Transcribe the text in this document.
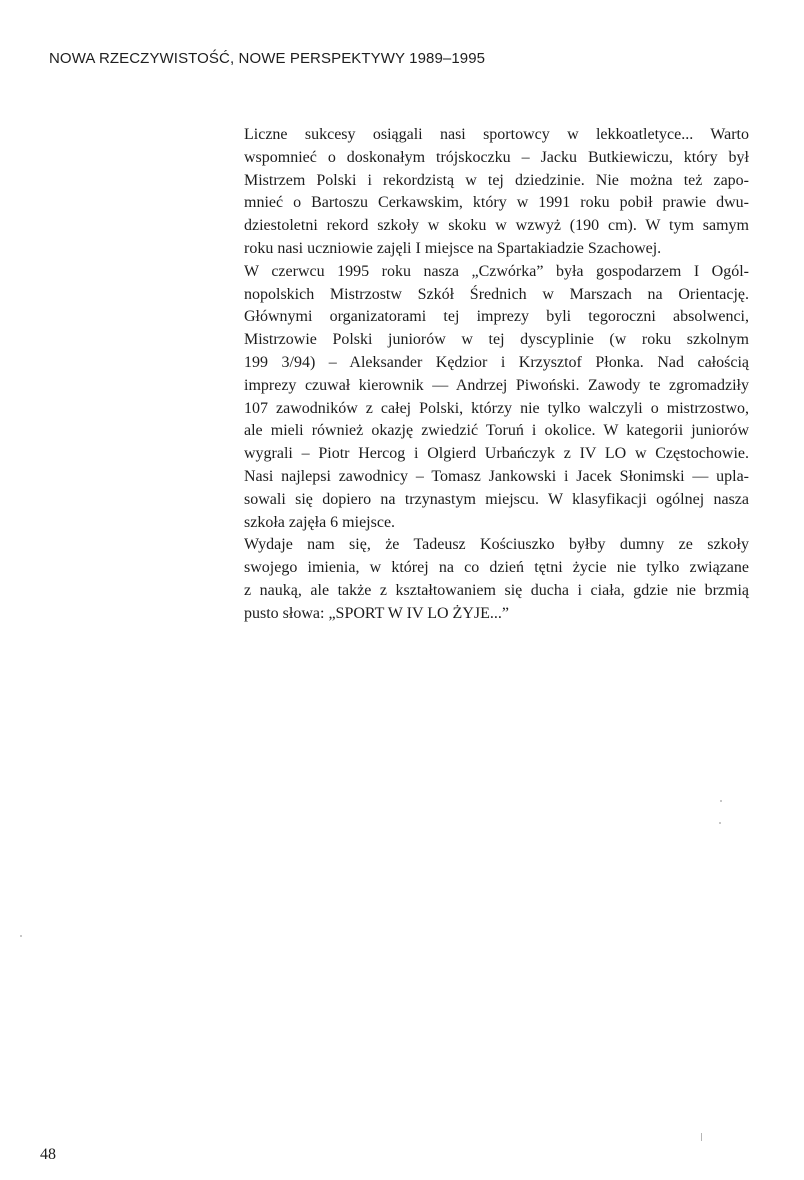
NOWA RZECZYWISTOŚĆ, NOWE PERSPEKTYWY 1989–1995

Liczne sukcesy osiągali nasi sportowcy w lekkoatletyce... Warto
wspomnieć o doskonałym trójskoczku – Jacku Butkiewiczu, który był
Mistrzem Polski i rekordzistą w tej dziedzinie. Nie można też zapo-
mnieć o Bartoszu Cerkawskim, który w 1991 roku pobił prawie dwu-
dziestoletni rekord szkoły w skoku w wzwyż (190 cm). W tym samym
roku nasi uczniowie zajęli I miejsce na Spartakiadzie Szachowej.

W czerwcu 1995 roku nasza „Czwórka” była gospodarzem I Ogól-
nopolskich Mistrzostw Szkół Średnich w Marszach na Orientację.
Głównymi organizatorami tej imprezy byli tegoroczni absolwenci,
Mistrzowie Polski juniorów w tej dyscyplinie (w roku szkolnym
199 3/94) – Aleksander Kędzior i Krzysztof Płonka. Nad całością
imprezy czuwał kierownik — Andrzej Piwoński. Zawody te zgromadziły
107 zawodników z całej Polski, którzy nie tylko walczyli o mistrzostwo,
ale mieli również okazję zwiedzić Toruń i okolice. W kategorii juniorów
wygrali – Piotr Hercog i Olgierd Urbańczyk z IV LO w Częstochowie.
Nasi najlepsi zawodnicy – Tomasz Jankowski i Jacek Słonimski — upla-
sowali się dopiero na trzynastym miejscu. W klasyfikacji ogólnej nasza
szkoła zajęła 6 miejsce.

Wydaje nam się, że Tadeusz Kościuszko byłby dumny ze szkoły
swojego imienia, w której na co dzień tętni życie nie tylko związane
z nauką, ale także z kształtowaniem się ducha i ciała, gdzie nie brzmią
pusto słowa: „SPORT W IV LO ŻYJE...”

48
